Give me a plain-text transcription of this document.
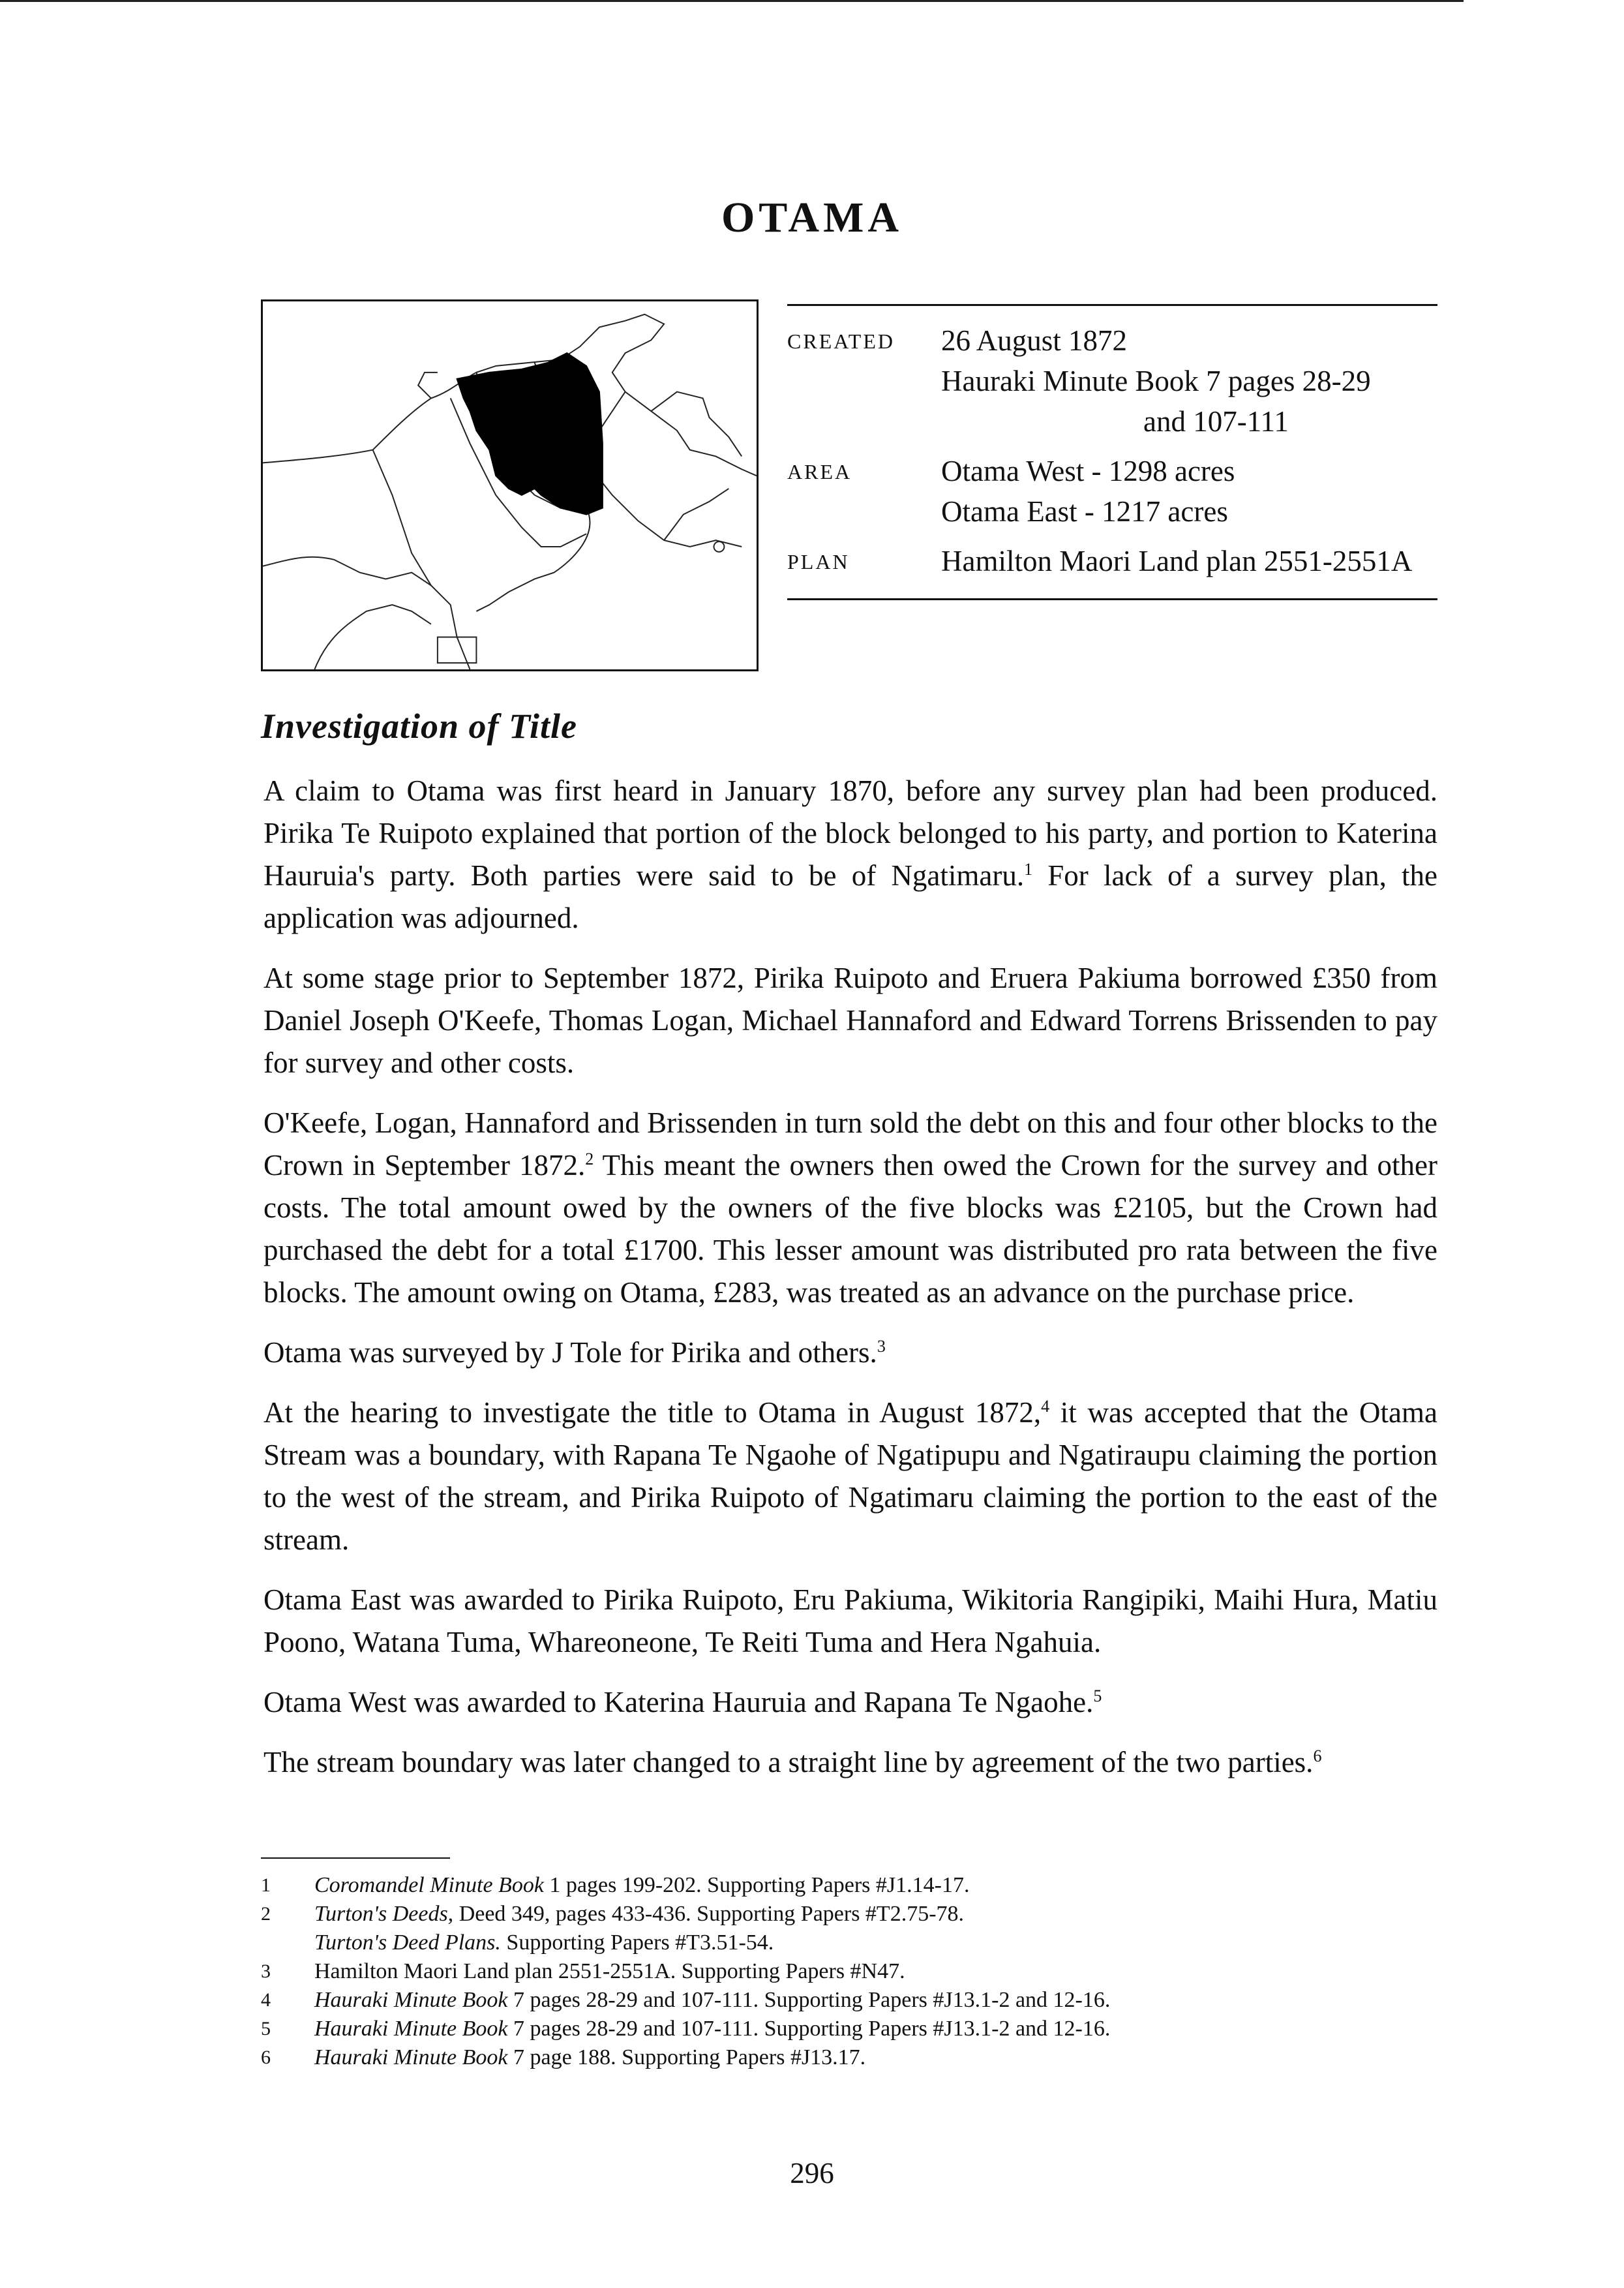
OTAMA
CREATED	26 August 1872
Hauraki Minute Book 7 pages 28-29
and 107-111
AREA	Otama West - 1298 acres
Otama East - 1217 acres
PLAN	Hamilton Maori Land plan 2551-2551A
Investigation of Title

A claim to Otama was first heard in January 1870, before any survey plan had been produced. Pirika Te Ruipoto explained that portion of the block belonged to his party, and portion to Katerina Hauruia's party. Both parties were said to be of Ngatimaru.$^1$ For lack of a survey plan, the application was adjourned.

At some stage prior to September 1872, Pirika Ruipoto and Eruera Pakiuma borrowed £350 from Daniel Joseph O'Keefe, Thomas Logan, Michael Hannaford and Edward Torrens Brissenden to pay for survey and other costs.

O'Keefe, Logan, Hannaford and Brissenden in turn sold the debt on this and four other blocks to the Crown in September 1872.$^2$ This meant the owners then owed the Crown for the survey and other costs. The total amount owed by the owners of the five blocks was £2105, but the Crown had purchased the debt for a total £1700. This lesser amount was distributed pro rata between the five blocks. The amount owing on Otama, £283, was treated as an advance on the purchase price.

Otama was surveyed by J Tole for Pirika and others.$^3$

At the hearing to investigate the title to Otama in August 1872,$^4$ it was accepted that the Otama Stream was a boundary, with Rapana Te Ngaohe of Ngatipupu and Ngatiraupu claiming the portion to the west of the stream, and Pirika Ruipoto of Ngatimaru claiming the portion to the east of the stream.

Otama East was awarded to Pirika Ruipoto, Eru Pakiuma, Wikitoria Rangipiki, Maihi Hura, Matiu Poono, Watana Tuma, Whareoneone, Te Reiti Tuma and Hera Ngahuia.

Otama West was awarded to Katerina Hauruia and Rapana Te Ngaohe.$^5$

The stream boundary was later changed to a straight line by agreement of the two parties.$^6$

1	Coromandel Minute Book 1 pages 199-202. Supporting Papers #J1.14-17.
2	Turton's Deeds, Deed 349, pages 433-436. Supporting Papers #T2.75-78.
Turton's Deed Plans. Supporting Papers #T3.51-54.
3	Hamilton Maori Land plan 2551-2551A. Supporting Papers #N47.
4	Hauraki Minute Book 7 pages 28-29 and 107-111. Supporting Papers #J13.1-2 and 12-16.
5	Hauraki Minute Book 7 pages 28-29 and 107-111. Supporting Papers #J13.1-2 and 12-16.
6	Hauraki Minute Book 7 page 188. Supporting Papers #J13.17.
296
